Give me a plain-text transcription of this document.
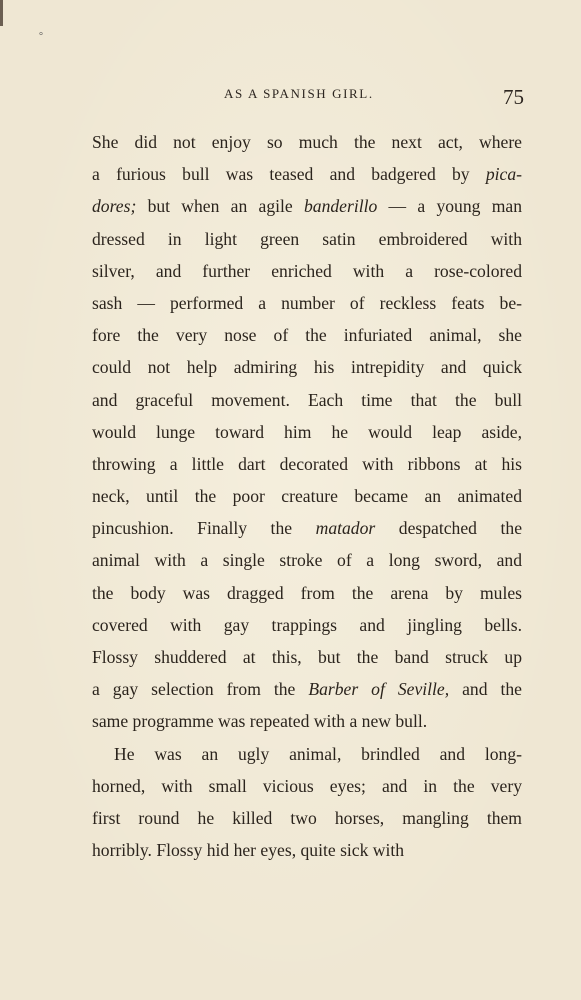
°
AS A SPANISH GIRL.	75
She did not enjoy so much the next act, where
a furious bull was teased and badgered by pica-
dores; but when an agile banderillo — a young man
dressed in light green satin embroidered with
silver, and further enriched with a rose-colored
sash — performed a number of reckless feats be-
fore the very nose of the infuriated animal, she
could not help admiring his intrepidity and quick
and graceful movement. Each time that the bull
would lunge toward him he would leap aside,
throwing a little dart decorated with ribbons at his
neck, until the poor creature became an animated
pincushion. Finally the matador despatched the
animal with a single stroke of a long sword, and
the body was dragged from the arena by mules
covered with gay trappings and jingling bells.
Flossy shuddered at this, but the band struck up
a gay selection from the Barber of Seville, and the
same programme was repeated with a new bull.
He was an ugly animal, brindled and long-
horned, with small vicious eyes; and in the very
first round he killed two horses, mangling them
horribly. Flossy hid her eyes, quite sick with
